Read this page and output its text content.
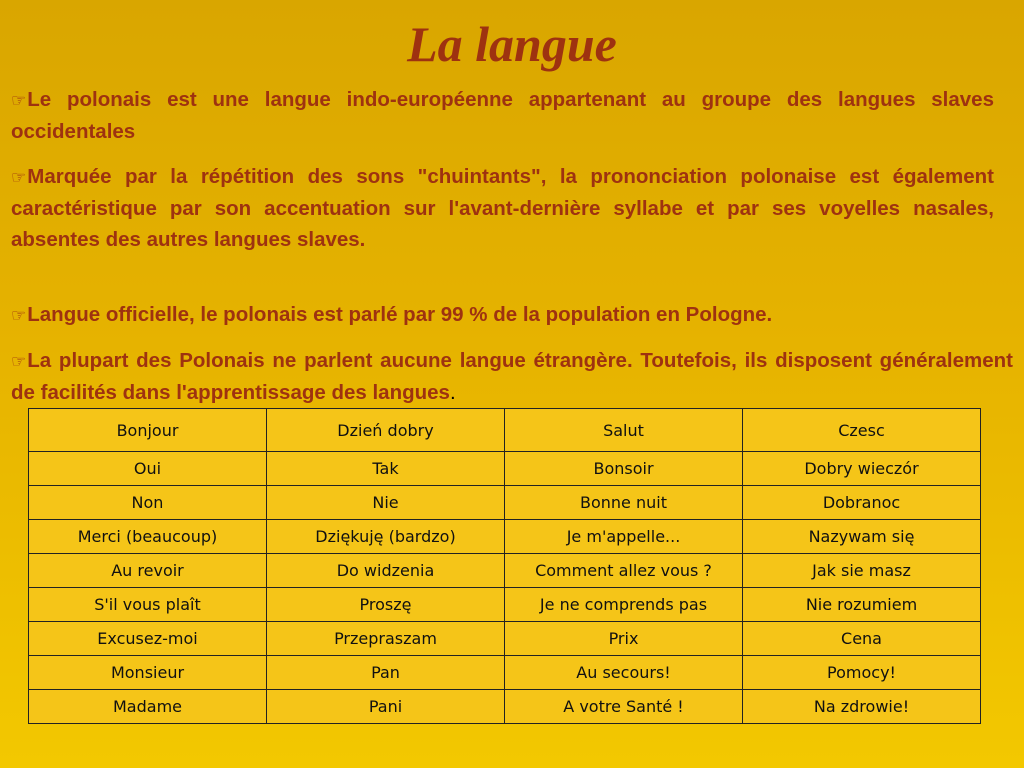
La langue

☞Le polonais est une langue indo-européenne appartenant au groupe des langues slaves occidentales

☞Marquée par la répétition des sons "chuintants", la prononciation polonaise est également caractéristique par son accentuation sur l'avant-dernière syllabe et par ses voyelles nasales, absentes des autres langues slaves.

☞Langue officielle, le polonais est parlé par 99 % de la population en Pologne.

☞La plupart des Polonais ne parlent aucune langue étrangère. Toutefois, ils disposent généralement de facilités dans l'apprentissage des langues.

Bonjour	Dzień dobry	Salut	Czesc
Oui	Tak	Bonsoir	Dobry wieczór
Non	Nie	Bonne nuit	Dobranoc
Merci (beaucoup)	Dziękuję (bardzo)	Je m'appelle...	Nazywam się
Au revoir	Do widzenia	Comment allez vous ?	Jak sie masz
S'il vous plaît	Proszę	Je ne comprends pas	Nie rozumiem
Excusez-moi	Przepraszam	Prix	Cena
Monsieur	Pan	Au secours!	Pomocy!
Madame	Pani	A votre Santé !	Na zdrowie!
